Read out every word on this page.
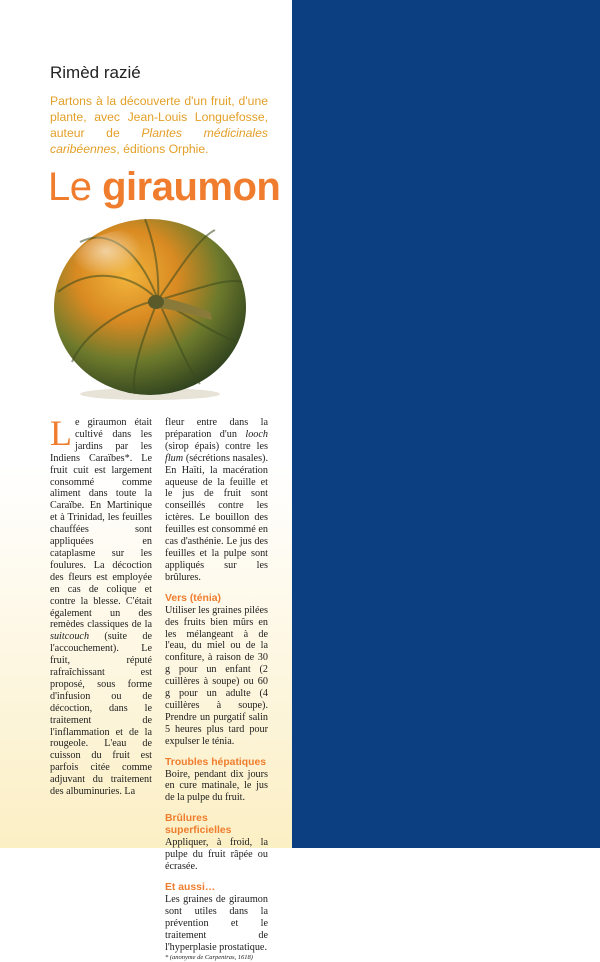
Rimèd razié
Partons à la découverte d'un fruit, d'une plante, avec Jean-Louis Longuefosse, auteur de Plantes médicinales caribéennes, éditions Orphie.
Le giraumon
Le giraumon était cultivé dans les jardins par les Indiens Caraïbes*. Le fruit cuit est largement consommé comme aliment dans toute la Caraïbe. En Martinique et à Trinidad, les feuilles chauffées sont appliquées en cataplasme sur les foulures. La décoction des fleurs est employée en cas de colique et contre la blesse. C'était également un des remèdes classiques de la suitcouch (suite de l'accouchement). Le fruit, réputé rafraîchissant est proposé, sous forme d'infusion ou de décoction, dans le traitement de l'inflammation et de la rougeole. L'eau de cuisson du fruit est parfois citée comme adjuvant du traitement des albuminuries. La
fleur entre dans la préparation d'un looch (sirop épais) contre les flum (sécrétions nasales). En Haïti, la macération aqueuse de la feuille et le jus de fruit sont conseillés contre les ictères. Le bouillon des feuilles est consommé en cas d'asthénie. Le jus des feuilles et la pulpe sont appliqués sur les brûlures.
Vers (ténia)

Utiliser les graines pilées des fruits bien mûrs en les mélangeant à de l'eau, du miel ou de la confiture, à raison de 30 g pour un enfant (2 cuillères à soupe) ou 60 g pour un adulte (4 cuillères à soupe). Prendre un purgatif salin 5 heures plus tard pour expulser le ténia.

Troubles hépatiques

Boire, pendant dix jours en cure matinale, le jus de la pulpe du fruit.

Brûlures superficielles

Appliquer, à froid, la pulpe du fruit râpée ou écrasée.

Et aussi…

Les graines de giraumon sont utiles dans la prévention et le traitement de l'hyperplasie prostatique.

* (anonyme de Carpentras, 1618)
